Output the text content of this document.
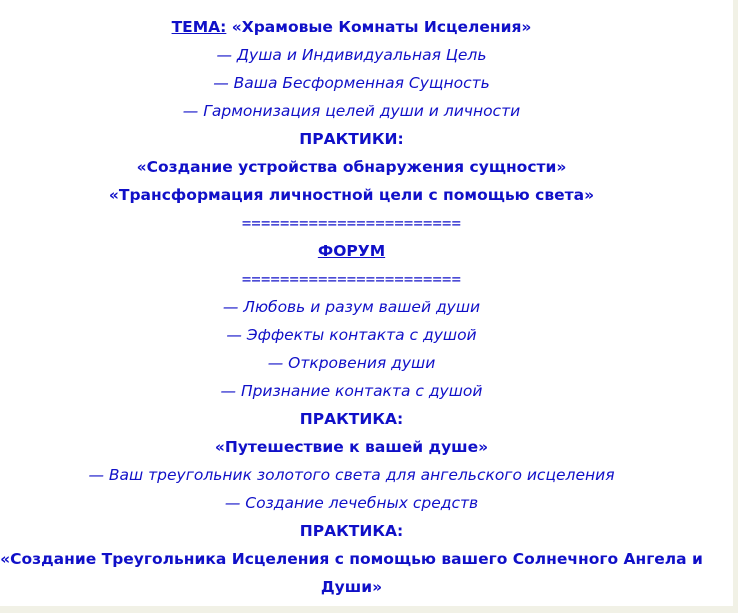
ТЕМА: «Храмовые Комнаты Исцеления»
— Душа и Индивидуальная Цель
— Ваша Бесформенная Сущность
— Гармонизация целей души и личности
ПРАКТИКИ:
«Создание устройства обнаружения сущности»
«Трансформация личностной цели с помощью света»
=======================
ФОРУМ
=======================
— Любовь и разум вашей души
— Эффекты контакта с душой
— Откровения души
— Признание контакта с душой
ПРАКТИКА:
«Путешествие к вашей душе»
— Ваш треугольник золотого света для ангельского исцеления
— Создание лечебных средств
ПРАКТИКА:
«Создание Треугольника Исцеления с помощью вашего Солнечного Ангела и Души»
